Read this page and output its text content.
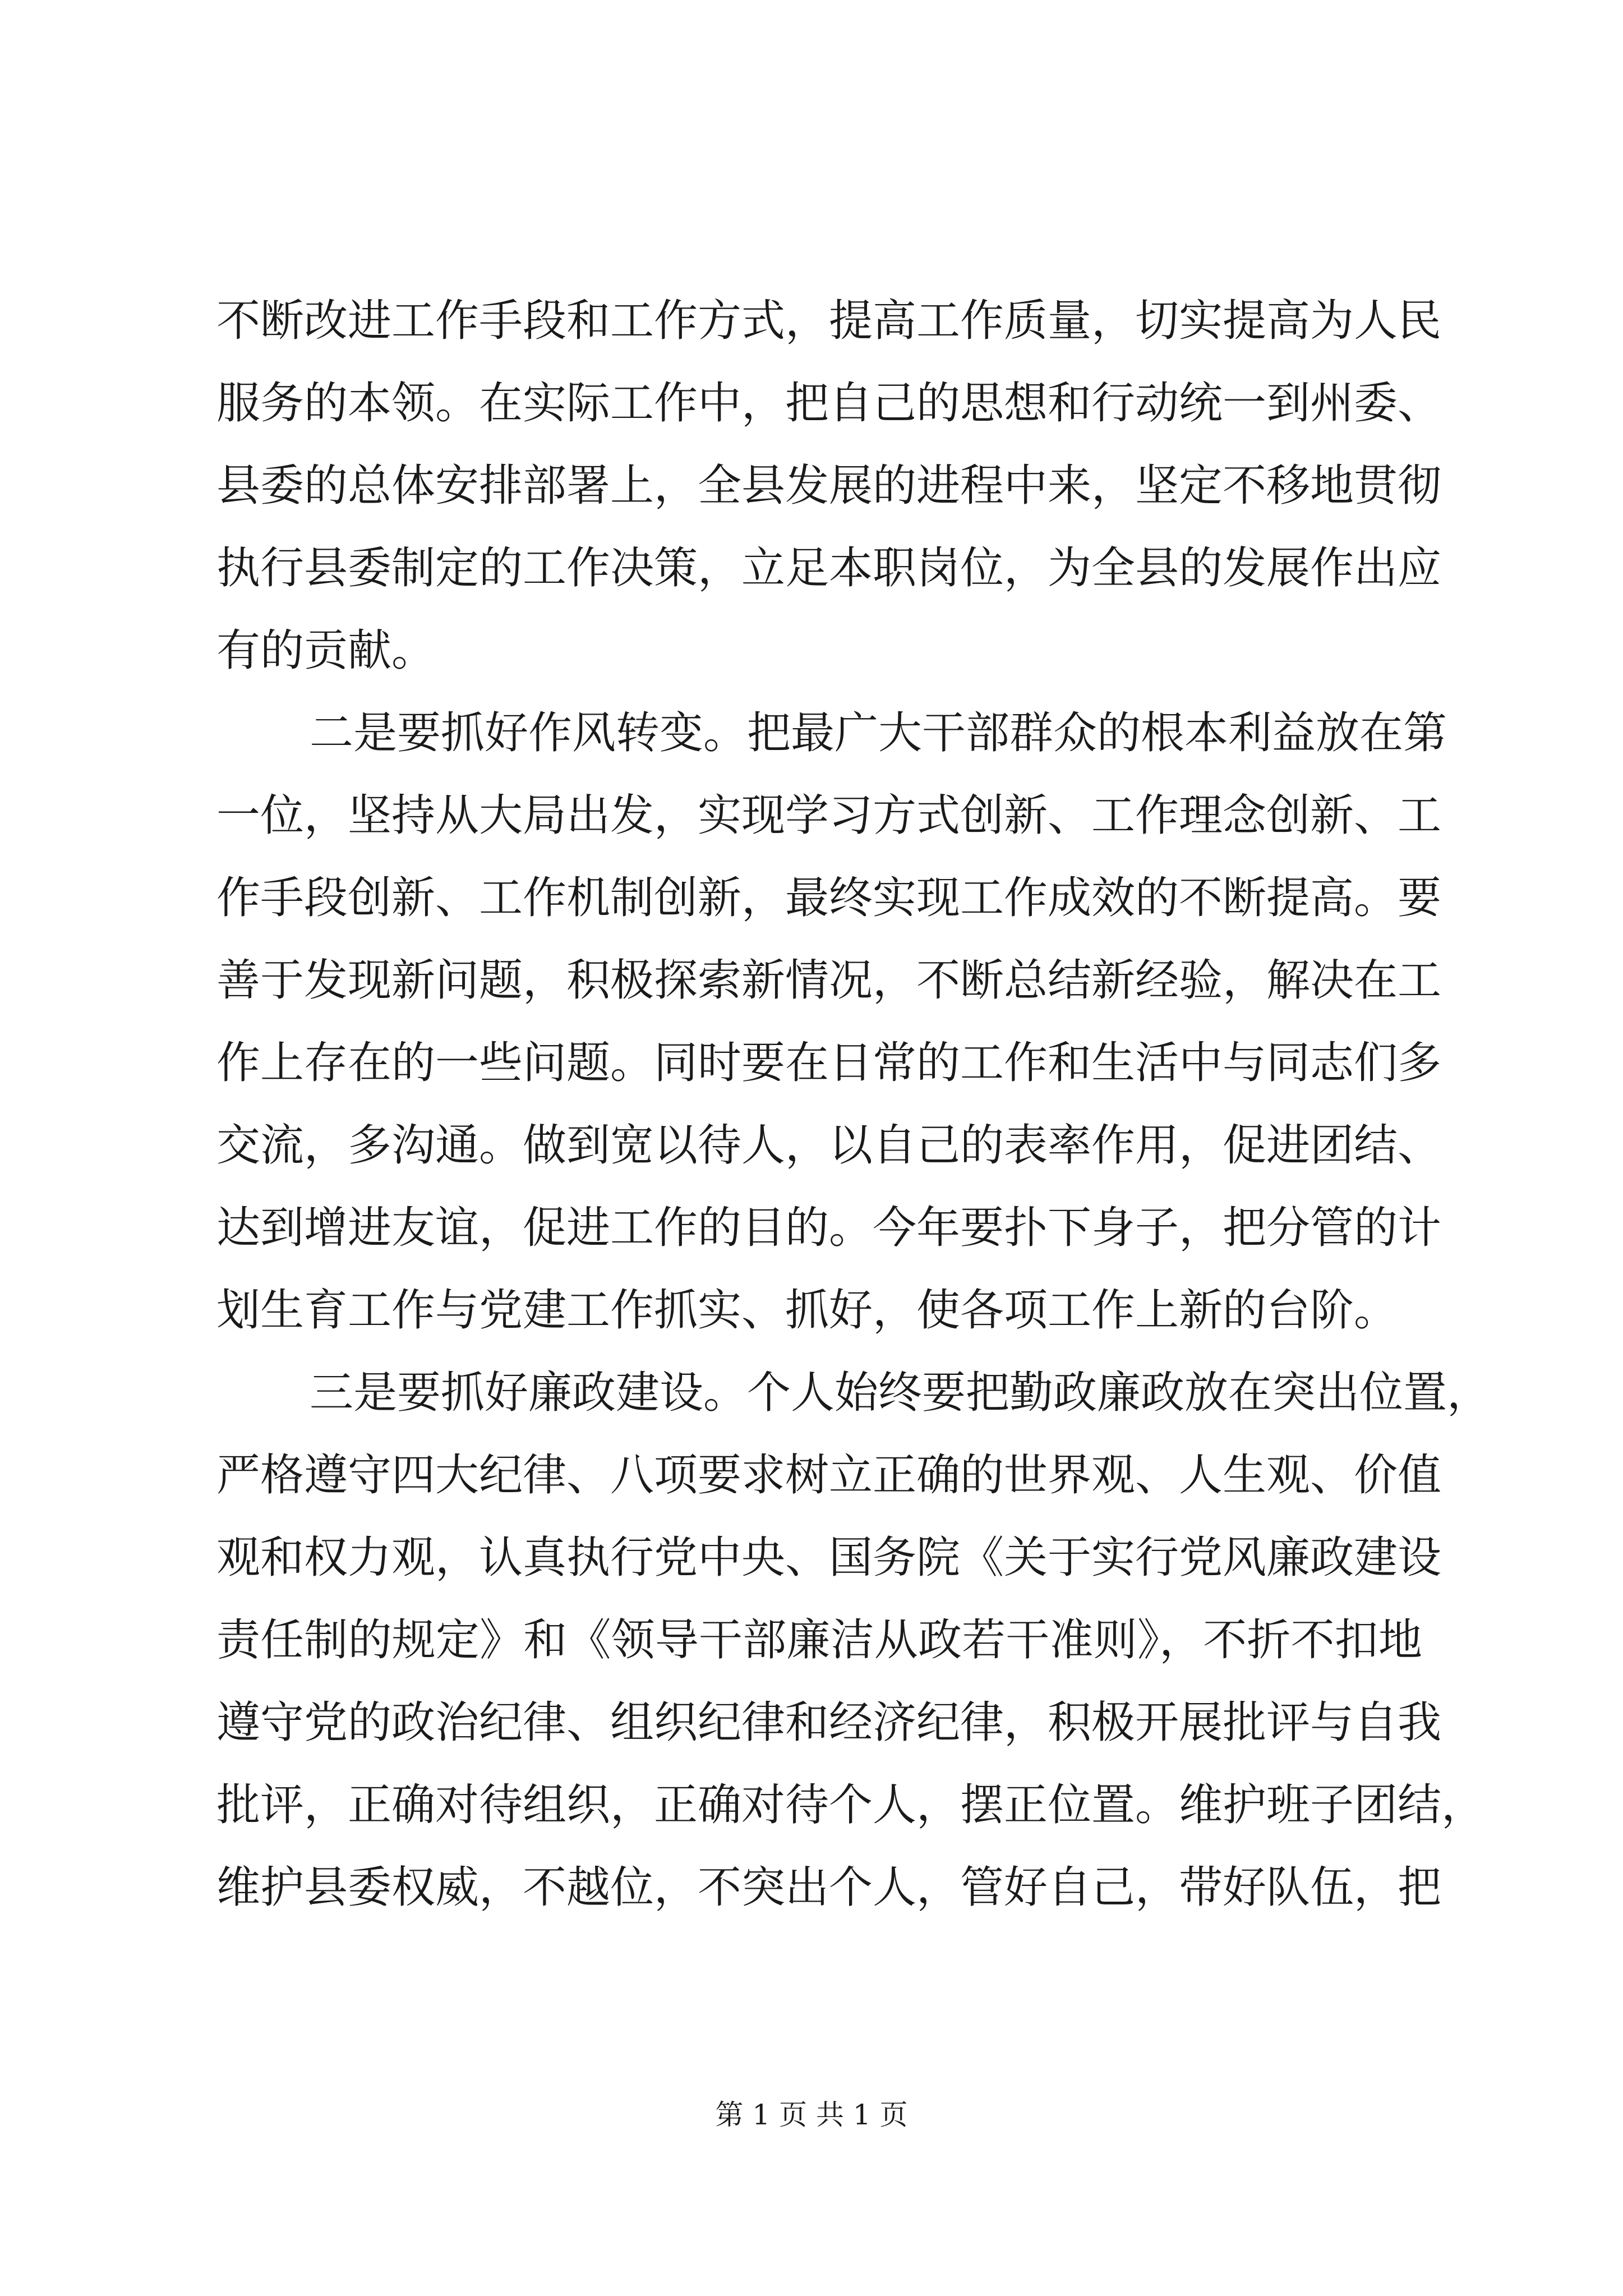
不断改进工作手段和工作方式，提高工作质量，切实提高为人民
服务的本领。在实际工作中，把自己的思想和行动统一到州委、
县委的总体安排部署上，全县发展的进程中来，坚定不移地贯彻
执行县委制定的工作决策，立足本职岗位，为全县的发展作出应
有的贡献。
二是要抓好作风转变。把最广大干部群众的根本利益放在第
一位，坚持从大局出发，实现学习方式创新、工作理念创新、工
作手段创新、工作机制创新，最终实现工作成效的不断提高。要
善于发现新问题，积极探索新情况，不断总结新经验，解决在工
作上存在的一些问题。同时要在日常的工作和生活中与同志们多
交流，多沟通。做到宽以待人，以自己的表率作用，促进团结、
达到增进友谊，促进工作的目的。今年要扑下身子，把分管的计
划生育工作与党建工作抓实、抓好，使各项工作上新的台阶。
三是要抓好廉政建设。个人始终要把勤政廉政放在突出位置，
严格遵守四大纪律、八项要求树立正确的世界观、人生观、价值
观和权力观，认真执行党中央、国务院《关于实行党风廉政建设
责任制的规定》和《领导干部廉洁从政若干准则》，不折不扣地
遵守党的政治纪律、组织纪律和经济纪律，积极开展批评与自我
批评，正确对待组织，正确对待个人，摆正位置。维护班子团结，
维护县委权威，不越位，不突出个人，管好自己，带好队伍，把
第 1 页 共 1 页
